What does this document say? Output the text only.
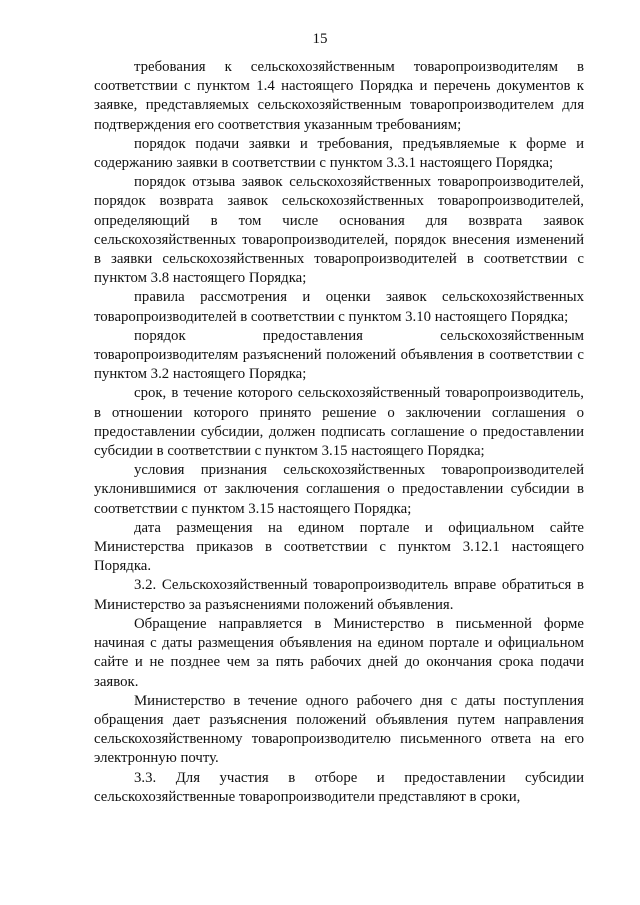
15

требования к сельскохозяйственным товаропроизводителям в соответствии с пунктом 1.4 настоящего Порядка и перечень документов к заявке, представляемых сельскохозяйственным товаропроизводителем для подтверждения его соответствия указанным требованиям;

порядок подачи заявки и требования, предъявляемые к форме и содержанию заявки в соответствии с пунктом 3.3.1 настоящего Порядка;

порядок отзыва заявок сельскохозяйственных товаропроизводителей, порядок возврата заявок сельскохозяйственных товаропроизводителей, определяющий в том числе основания для возврата заявок сельскохозяйственных товаропроизводителей, порядок внесения изменений в заявки сельскохозяйственных товаропроизводителей в соответствии с пунктом 3.8 настоящего Порядка;

правила рассмотрения и оценки заявок сельскохозяйственных товаропроизводителей в соответствии с пунктом 3.10 настоящего Порядка;

порядок предоставления сельскохозяйственным товаропроизводителям разъяснений положений объявления в соответствии с пунктом 3.2 настоящего Порядка;

срок, в течение которого сельскохозяйственный товаропроизводитель, в отношении которого принято решение о заключении соглашения о предоставлении субсидии, должен подписать соглашение о предоставлении субсидии в соответствии с пунктом 3.15 настоящего Порядка;

условия признания сельскохозяйственных товаропроизводителей уклонившимися от заключения соглашения о предоставлении субсидии в соответствии с пунктом 3.15 настоящего Порядка;

дата размещения на едином портале и официальном сайте Министерства приказов в соответствии с пунктом 3.12.1 настоящего Порядка.

3.2. Сельскохозяйственный товаропроизводитель вправе обратиться в Министерство за разъяснениями положений объявления.

Обращение направляется в Министерство в письменной форме начиная с даты размещения объявления на едином портале и официальном сайте и не позднее чем за пять рабочих дней до окончания срока подачи заявок.

Министерство в течение одного рабочего дня с даты поступления обращения дает разъяснения положений объявления путем направления сельскохозяйственному товаропроизводителю письменного ответа на его электронную почту.

3.3. Для участия в отборе и предоставлении субсидии сельскохозяйственные товаропроизводители представляют в сроки,
